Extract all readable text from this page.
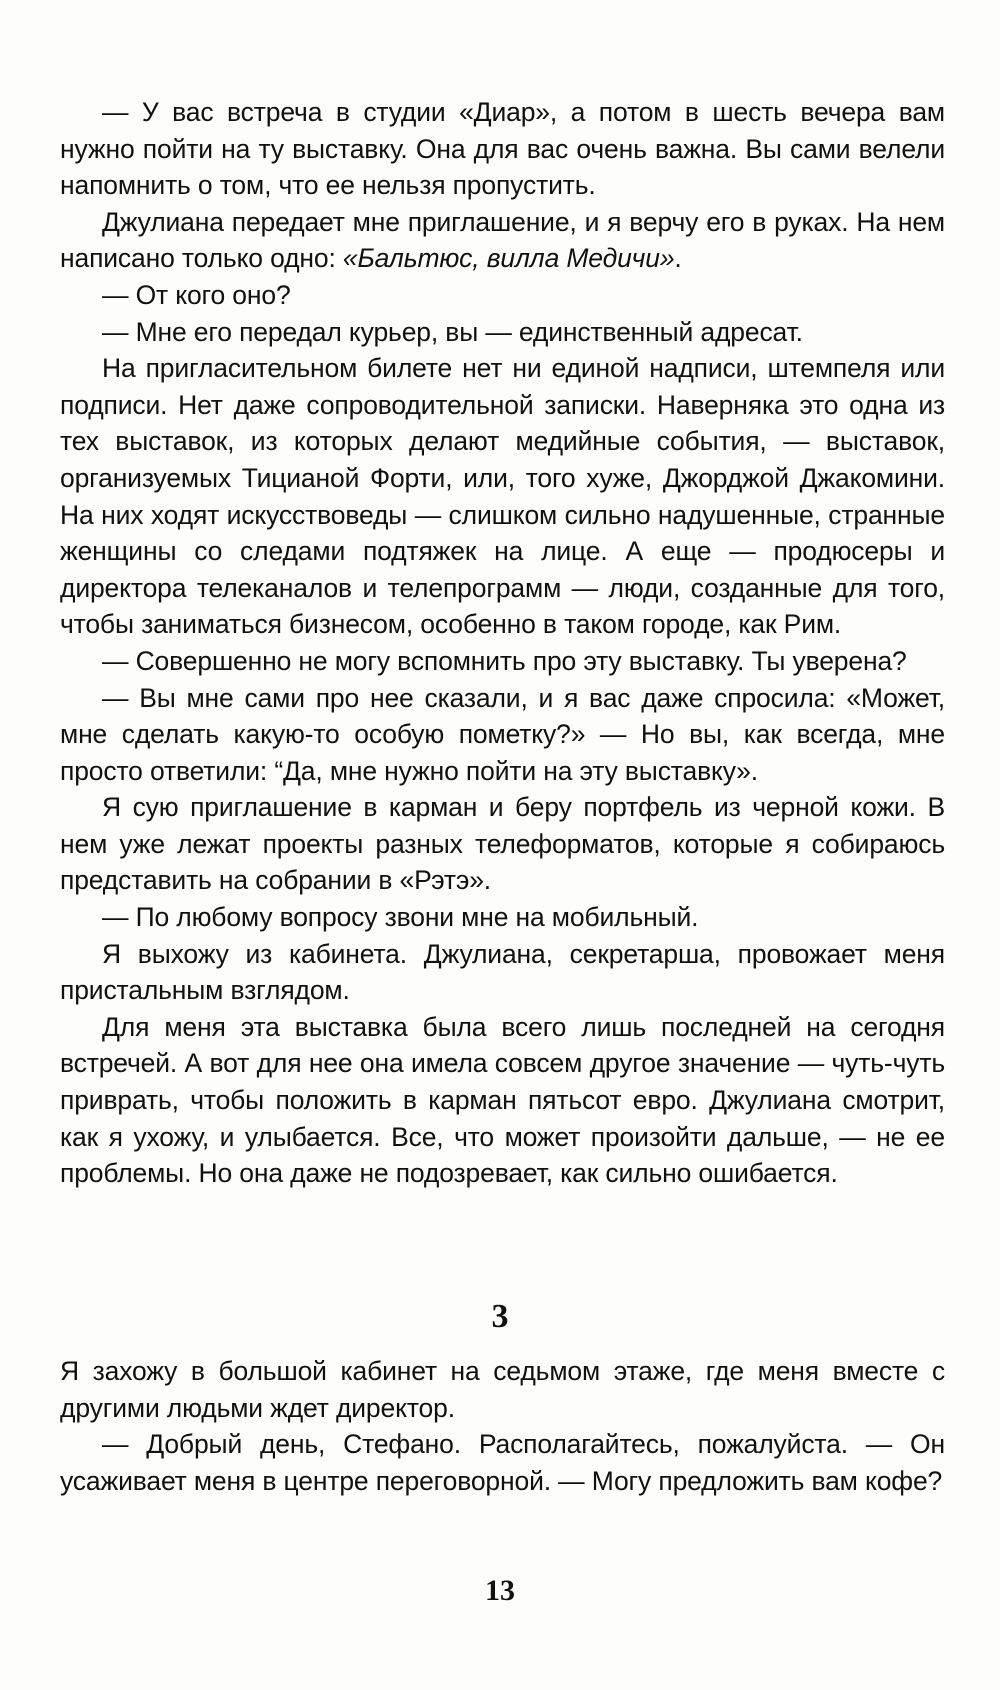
— У вас встреча в студии «Диар», а потом в шесть вечера вам нужно пойти на ту выставку. Она для вас очень важна. Вы сами велели напомнить о том, что ее нельзя пропустить.

Джулиана передает мне приглашение, и я верчу его в руках. На нем написано только одно: «Бальтюс, вилла Медичи».

— От кого оно?

— Мне его передал курьер, вы — единственный адресат.

На пригласительном билете нет ни единой надписи, штемпеля или подписи. Нет даже сопроводительной записки. Наверняка это одна из тех выставок, из которых делают медийные события, — выставок, организуемых Тицианой Форти, или, того хуже, Джорджой Джакомини. На них ходят искусствоведы — слишком сильно надушенные, странные женщины со следами подтяжек на лице. А еще — продюсеры и директора телеканалов и телепрограмм — люди, созданные для того, чтобы заниматься бизнесом, особенно в таком городе, как Рим.

— Совершенно не могу вспомнить про эту выставку. Ты уверена?

— Вы мне сами про нее сказали, и я вас даже спросила: «Может, мне сделать какую-то особую пометку?» — Но вы, как всегда, мне просто ответили: “Да, мне нужно пойти на эту выставку».

Я сую приглашение в карман и беру портфель из черной кожи. В нем уже лежат проекты разных телеформатов, которые я собираюсь представить на собрании в «Рэтэ».

— По любому вопросу звони мне на мобильный.

Я выхожу из кабинета. Джулиана, секретарша, провожает меня пристальным взглядом.

Для меня эта выставка была всего лишь последней на сегодня встречей. А вот для нее она имела совсем другое значение — чуть-чуть приврать, чтобы положить в карман пятьсот евро. Джулиана смотрит, как я ухожу, и улыбается. Все, что может произойти дальше, — не ее проблемы. Но она даже не подозревает, как сильно ошибается.

3

Я захожу в большой кабинет на седьмом этаже, где меня вместе с другими людьми ждет директор.

— Добрый день, Стефано. Располагайтесь, пожалуйста. — Он усаживает меня в центре переговорной. — Могу предложить вам кофе?

13
